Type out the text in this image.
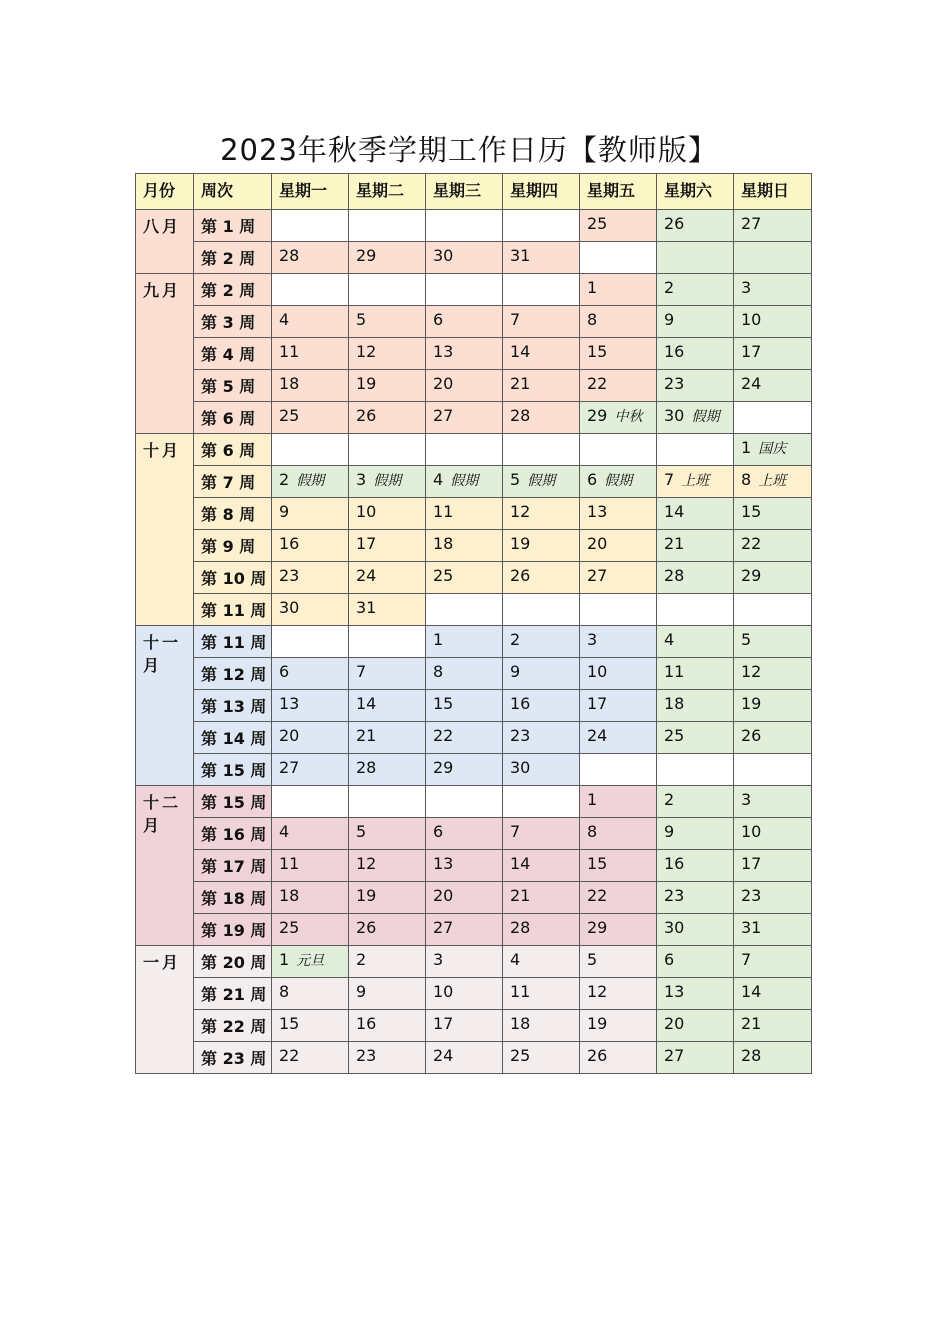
2023年秋季学期工作日历【教师版】
月份	周次	星期一	星期二	星期三	星期四	星期五	星期六	星期日
八月	第 1 周					25	26	27
	第 2 周	28	29	30	31			
九月	第 2 周					1	2	3
	第 3 周	4	5	6	7	8	9	10
	第 4 周	11	12	13	14	15	16	17
	第 5 周	18	19	20	21	22	23	24
	第 6 周	25	26	27	28	29 中秋	30 假期	
十月	第 6 周							1 国庆
	第 7 周	2 假期	3 假期	4 假期	5 假期	6 假期	7 上班	8 上班
	第 8 周	9	10	11	12	13	14	15
	第 9 周	16	17	18	19	20	21	22
	第 10 周	23	24	25	26	27	28	29
	第 11 周	30	31					
十一月	第 11 周			1	2	3	4	5
	第 12 周	6	7	8	9	10	11	12
	第 13 周	13	14	15	16	17	18	19
	第 14 周	20	21	22	23	24	25	26
	第 15 周	27	28	29	30			
十二月	第 15 周					1	2	3
	第 16 周	4	5	6	7	8	9	10
	第 17 周	11	12	13	14	15	16	17
	第 18 周	18	19	20	21	22	23	23
	第 19 周	25	26	27	28	29	30	31
一月	第 20 周	1 元旦	2	3	4	5	6	7
	第 21 周	8	9	10	11	12	13	14
	第 22 周	15	16	17	18	19	20	21
	第 23 周	22	23	24	25	26	27	28
